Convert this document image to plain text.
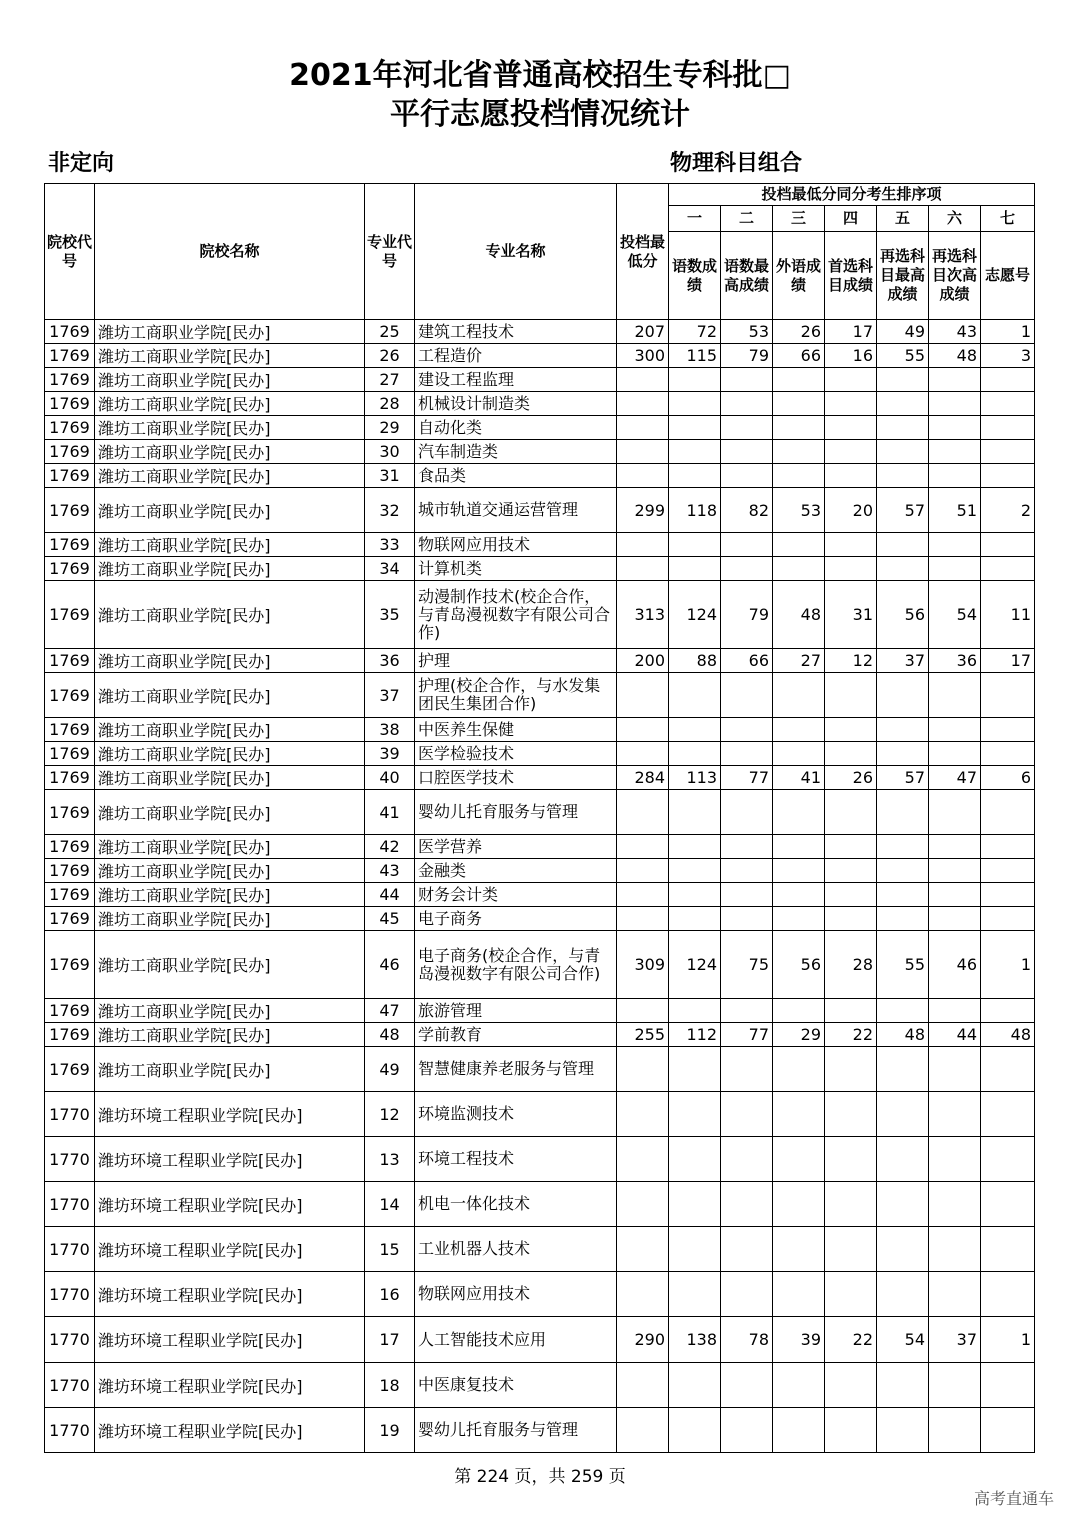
2021年河北省普通高校招生专科批□
平行志愿投档情况统计
非定向	物理科目组合
院校代号	院校名称	专业代号	专业名称	投档最低分	投档最低分同分考生排序项						
					一	二	三	四	五	六	七
					语数成绩	语数最高成绩	外语成绩	首选科目成绩	再选科目最高成绩	再选科目次高成绩	志愿号
1769	潍坊工商职业学院[民办]	25	建筑工程技术	207	72	53	26	17	49	43	1
1769	潍坊工商职业学院[民办]	26	工程造价	300	115	79	66	16	55	48	3
1769	潍坊工商职业学院[民办]	27	建设工程监理								
1769	潍坊工商职业学院[民办]	28	机械设计制造类								
1769	潍坊工商职业学院[民办]	29	自动化类								
1769	潍坊工商职业学院[民办]	30	汽车制造类								
1769	潍坊工商职业学院[民办]	31	食品类								
1769	潍坊工商职业学院[民办]	32	城市轨道交通运营管理	299	118	82	53	20	57	51	2
1769	潍坊工商职业学院[民办]	33	物联网应用技术								
1769	潍坊工商职业学院[民办]	34	计算机类								
1769	潍坊工商职业学院[民办]	35	动漫制作技术(校企合作，与青岛漫视数字有限公司合作)	313	124	79	48	31	56	54	11
1769	潍坊工商职业学院[民办]	36	护理	200	88	66	27	12	37	36	17
1769	潍坊工商职业学院[民办]	37	护理(校企合作，与水发集团民生集团合作)								
1769	潍坊工商职业学院[民办]	38	中医养生保健								
1769	潍坊工商职业学院[民办]	39	医学检验技术								
1769	潍坊工商职业学院[民办]	40	口腔医学技术	284	113	77	41	26	57	47	6
1769	潍坊工商职业学院[民办]	41	婴幼儿托育服务与管理								
1769	潍坊工商职业学院[民办]	42	医学营养								
1769	潍坊工商职业学院[民办]	43	金融类								
1769	潍坊工商职业学院[民办]	44	财务会计类								
1769	潍坊工商职业学院[民办]	45	电子商务								
1769	潍坊工商职业学院[民办]	46	电子商务(校企合作，与青岛漫视数字有限公司合作)	309	124	75	56	28	55	46	1
1769	潍坊工商职业学院[民办]	47	旅游管理								
1769	潍坊工商职业学院[民办]	48	学前教育	255	112	77	29	22	48	44	48
1769	潍坊工商职业学院[民办]	49	智慧健康养老服务与管理								
1770	潍坊环境工程职业学院[民办]	12	环境监测技术								
1770	潍坊环境工程职业学院[民办]	13	环境工程技术								
1770	潍坊环境工程职业学院[民办]	14	机电一体化技术								
1770	潍坊环境工程职业学院[民办]	15	工业机器人技术								
1770	潍坊环境工程职业学院[民办]	16	物联网应用技术								
1770	潍坊环境工程职业学院[民办]	17	人工智能技术应用	290	138	78	39	22	54	37	1
1770	潍坊环境工程职业学院[民办]	18	中医康复技术								
1770	潍坊环境工程职业学院[民办]	19	婴幼儿托育服务与管理								
第 224 页，共 259 页
高考直通车
